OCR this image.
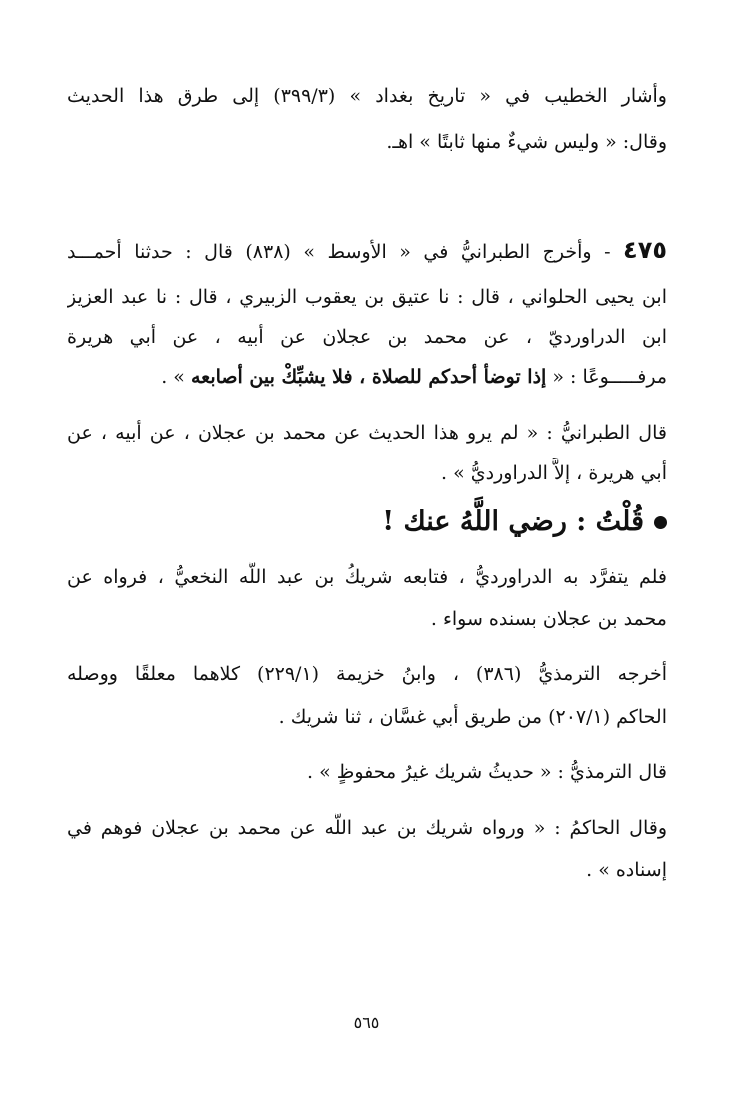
وأشار الخطيب في « تاريخ بغداد » (٣٩٩/٣) إلى طرق هذا الحديث
وقال: « وليس شيءٌ منها ثابتًا » اهـ.
٤٧٥ - وأخرج الطبرانيُّ في « الأوسط » (٨٣٨) قال : حدثنا أحمـــد
ابن يحيى الحلواني ، قال : نا عتيق بن يعقوب الزبيري ، قال : نا عبد العزيز
ابن الدراورديّ ، عن محمد بن عجلان عن أبيه ، عن أبي هريرة
مرفـــــوعًا : « إذا توضأ أحدكم للصلاة ، فلا يشبِّكْ بين أصابعه » .
قال الطبرانيُّ : « لم يرو هذا الحديث عن محمد بن عجلان ، عن أبيه ، عن
أبي هريرة ، إلاَّ الدراورديُّ » .
قُلْتُ : رضي اللَّهُ عنك !
فلم يتفرَّد به الدراورديُّ ، فتابعه شريكُ بن عبد اللَّه النخعيُّ ، فرواه عن
محمد بن عجلان بسنده سواء .
أخرجه الترمذيُّ (٣٨٦) ، وابنُ خزيمة (٢٢٩/١) كلاهما معلقًا ووصله
الحاكم (٢٠٧/١) من طريق أبي غسَّان ، ثنا شريك .
قال الترمذيُّ : « حديثُ شريك غيرُ محفوظٍ » .
وقال الحاكمُ : « ورواه شريك بن عبد اللَّه عن محمد بن عجلان فوهم في
إسناده » .
٥٦٥
